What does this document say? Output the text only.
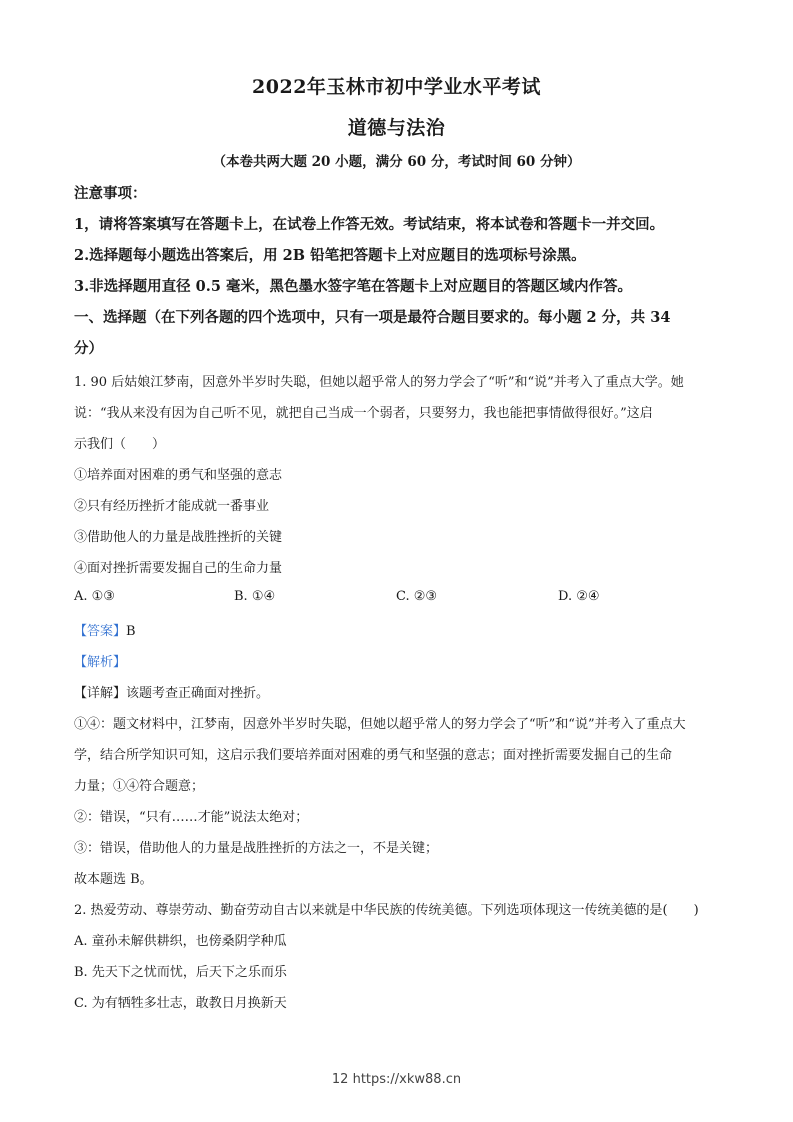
2022年玉林市初中学业水平考试
道德与法治
（本卷共两大题 20 小题，满分 60 分，考试时间 60 分钟）
注意事项：
1，请将答案填写在答题卡上，在试卷上作答无效。考试结束，将本试卷和答题卡一并交回。
2.选择题每小题选出答案后，用 2B 铅笔把答题卡上对应题目的选项标号涂黑。
3.非选择题用直径 0.5 毫米，黑色墨水签字笔在答题卡上对应题目的答题区域内作答。
一、选择题（在下列各题的四个选项中，只有一项是最符合题目要求的。每小题 2 分，共 34
分）
1. 90 后姑娘江梦南，因意外半岁时失聪，但她以超乎常人的努力学会了“听”和“说”并考入了重点大学。她
说：“我从来没有因为自己听不见，就把自己当成一个弱者，只要努力，我也能把事情做得很好。”这启
示我们（　　）
①培养面对困难的勇气和坚强的意志
②只有经历挫折才能成就一番事业
③借助他人的力量是战胜挫折的关键
④面对挫折需要发掘自己的生命力量
A. ①③	B. ①④	C. ②③	D. ②④
【答案】B
【解析】
【详解】该题考查正确面对挫折。
①④：题文材料中，江梦南，因意外半岁时失聪，但她以超乎常人的努力学会了“听”和“说”并考入了重点大
学，结合所学知识可知，这启示我们要培养面对困难的勇气和坚强的意志；面对挫折需要发掘自己的生命
力量；①④符合题意；
②：错误，“只有……才能”说法太绝对；
③：错误，借助他人的力量是战胜挫折的方法之一，不是关键；
故本题选 B。
2. 热爱劳动、尊崇劳动、勤奋劳动自古以来就是中华民族的传统美德。下列选项体现这一传统美德的是(　　)
A. 童孙未解供耕织，也傍桑阴学种瓜
B. 先天下之忧而忧，后天下之乐而乐
C. 为有牺牲多壮志，敢教日月换新天
12 https://xkw88.cn
